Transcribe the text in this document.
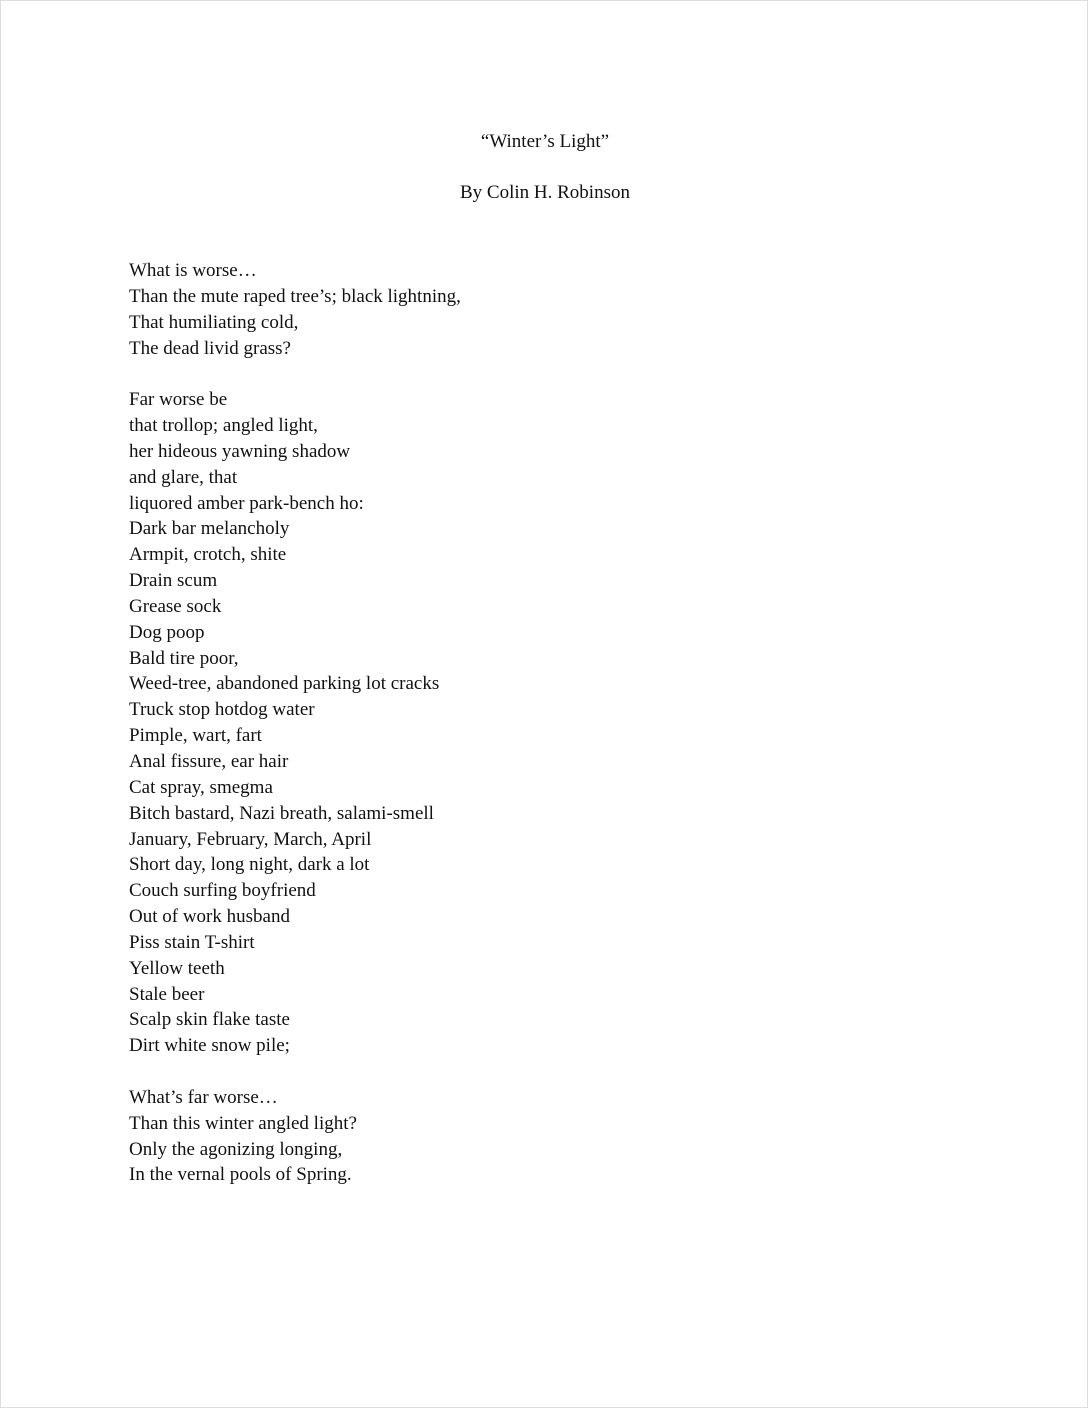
“Winter’s Light”
By Colin H. Robinson
What is worse…
Than the mute raped tree’s; black lightning,
That humiliating cold,
The dead livid grass?
Far worse be
that trollop; angled light,
her hideous yawning shadow
and glare, that
liquored amber park-bench ho:
Dark bar melancholy
Armpit, crotch, shite
Drain scum
Grease sock
Dog poop
Bald tire poor,
Weed-tree, abandoned parking lot cracks
Truck stop hotdog water
Pimple, wart, fart
Anal fissure, ear hair
Cat spray, smegma
Bitch bastard, Nazi breath, salami-smell
January, February, March, April
Short day, long night, dark a lot
Couch surfing boyfriend
Out of work husband
Piss stain T-shirt
Yellow teeth
Stale beer
Scalp skin flake taste
Dirt white snow pile;
What’s far worse…
Than this winter angled light?
Only the agonizing longing,
In the vernal pools of Spring.
